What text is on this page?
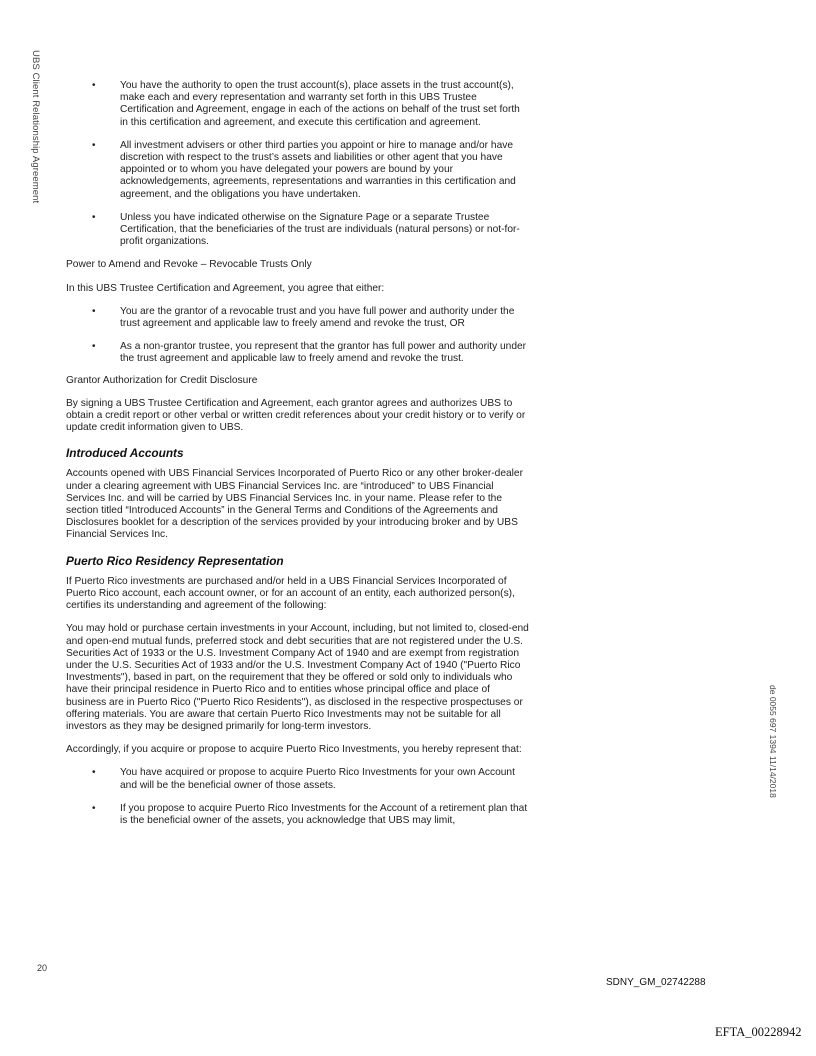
UBS Client Relationship Agreement
de 0055 697 1394 11/14/2018
20
SDNY_GM_02742288
EFTA_00228942
• You have the authority to open the trust account(s), place assets in the trust account(s), make each and every representation and warranty set forth in this UBS Trustee Certification and Agreement, engage in each of the actions on behalf of the trust set forth in this certification and agreement, and execute this certification and agreement.
• All investment advisers or other third parties you appoint or hire to manage and/or have discretion with respect to the trust’s assets and liabilities or other agent that you have appointed or to whom you have delegated your powers are bound by your acknowledgements, agreements, representations and warranties in this certification and agreement, and the obligations you have undertaken.
• Unless you have indicated otherwise on the Signature Page or a separate Trustee Certification, that the beneficiaries of the trust are individuals (natural persons) or not-for-profit organizations.

Power to Amend and Revoke – Revocable Trusts Only

In this UBS Trustee Certification and Agreement, you agree that either:

• You are the grantor of a revocable trust and you have full power and authority under the trust agreement and applicable law to freely amend and revoke the trust, OR
• As a non-grantor trustee, you represent that the grantor has full power and authority under the trust agreement and applicable law to freely amend and revoke the trust.

Grantor Authorization for Credit Disclosure

By signing a UBS Trustee Certification and Agreement, each grantor agrees and authorizes UBS to obtain a credit report or other verbal or written credit references about your credit history or to verify or update credit information given to UBS.

Introduced Accounts

Accounts opened with UBS Financial Services Incorporated of Puerto Rico or any other broker-dealer under a clearing agreement with UBS Financial Services Inc. are “introduced” to UBS Financial Services Inc. and will be carried by UBS Financial Services Inc. in your name. Please refer to the section titled “Introduced Accounts” in the General Terms and Conditions of the Agreements and Disclosures booklet for a description of the services provided by your introducing broker and by UBS Financial Services Inc.

Puerto Rico Residency Representation

If Puerto Rico investments are purchased and/or held in a UBS Financial Services Incorporated of Puerto Rico account, each account owner, or for an account of an entity, each authorized person(s), certifies its understanding and agreement of the following:

You may hold or purchase certain investments in your Account, including, but not limited to, closed-end and open-end mutual funds, preferred stock and debt securities that are not registered under the U.S. Securities Act of 1933 or the U.S. Investment Company Act of 1940 and are exempt from registration under the U.S. Securities Act of 1933 and/or the U.S. Investment Company Act of 1940 ("Puerto Rico Investments"), based in part, on the requirement that they be offered or sold only to individuals who have their principal residence in Puerto Rico and to entities whose principal office and place of business are in Puerto Rico ("Puerto Rico Residents"), as disclosed in the respective prospectuses or offering materials. You are aware that certain Puerto Rico Investments may not be suitable for all investors as they may be designed primarily for long-term investors.

Accordingly, if you acquire or propose to acquire Puerto Rico Investments, you hereby represent that:

• You have acquired or propose to acquire Puerto Rico Investments for your own Account and will be the beneficial owner of those assets.
• If you propose to acquire Puerto Rico Investments for the Account of a retirement plan that is the beneficial owner of the assets, you acknowledge that UBS may limit,
